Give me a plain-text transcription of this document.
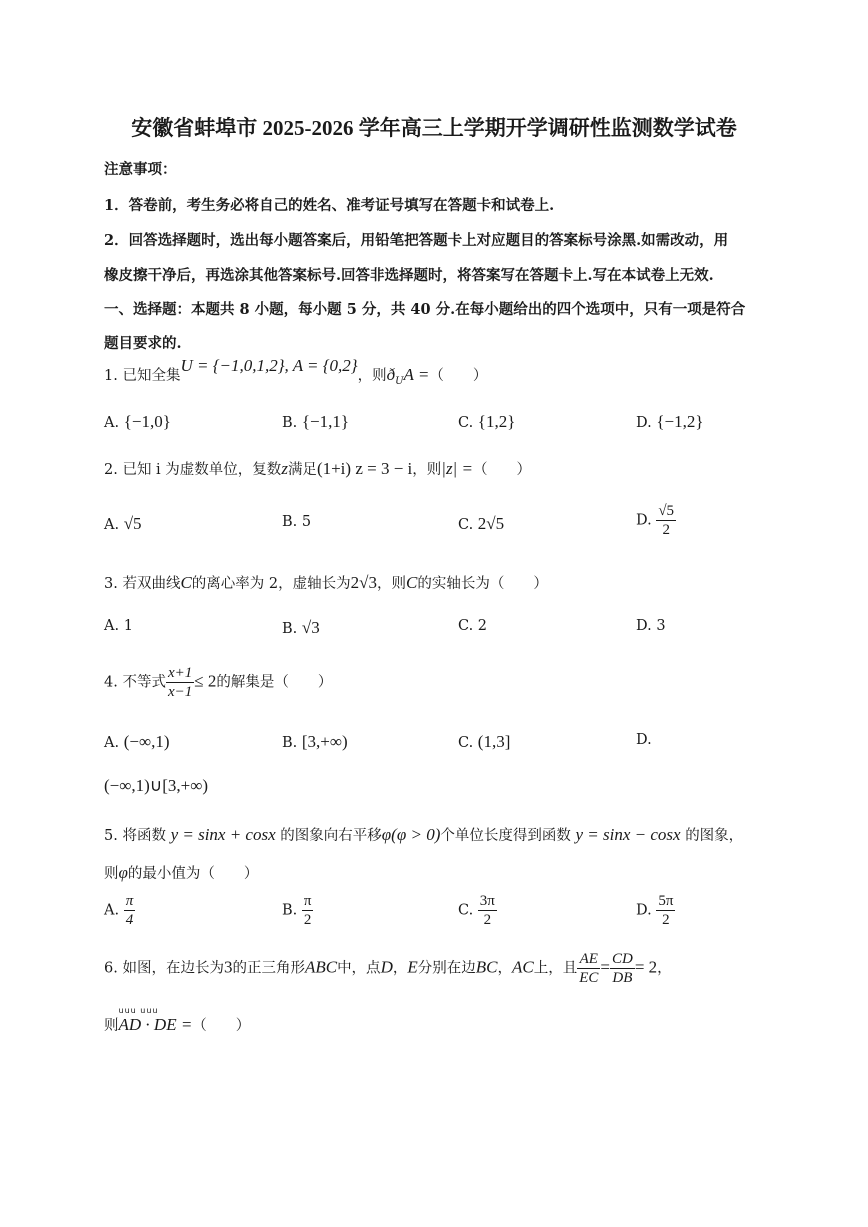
安徽省蚌埠市 2025-2026 学年高三上学期开学调研性监测数学试卷
注意事项：
1．答卷前，考生务必将自己的姓名、准考证号填写在答题卡和试卷上.
2．回答选择题时，选出每小题答案后，用铅笔把答题卡上对应题目的答案标号涂黑.如需改动，用
橡皮擦干净后，再选涂其他答案标号.回答非选择题时，将答案写在答题卡上.写在本试卷上无效.
一、选择题：本题共 8 小题，每小题 5 分，共 40 分.在每小题给出的四个选项中，只有一项是符合
题目要求的.
1. 已知全集U = {−1,0,1,2}, A = {0,2}，则$ð_UA$ =（　　）
A. {−1,0}	B. {−1,1}	C. {1,2}	D. {−1,2}
2. 已知 i 为虚数单位，复数z满足(1+i) z = 3 − i，则|z| =（　　）
A. √5	B. 5	C. 2√5	D. $\frac{√5}{2}$
3. 若双曲线C的离心率为 2，虚轴长为2√3，则C的实轴长为（　　）
A. 1	B. √3	C. 2	D. 3
4. 不等式 $\frac{x+1}{x-1} \le 2$的解集是（　　）
A. (−∞,1)	B. [3,+∞)	C. (1,3]	D.
(−∞,1)∪[3,+∞)
5. 将函数 y = sinx + cosx 的图象向右平移φ(φ > 0)个单位长度得到函数 y = sinx − cosx 的图象，
则φ的最小值为（　　）
A. $\frac{\pi}{4}$	B. $\frac{\pi}{2}$	C. $\frac{3\pi}{2}$	D. $\frac{5\pi}{2}$
6. 如图，在边长为3的正三角形ABC中，点D，E分别在边BC，AC上，且 $\frac{AE}{EC} = \frac{CD}{DB} = 2$，
则
uuu uuu
AD · DE =（　　）
